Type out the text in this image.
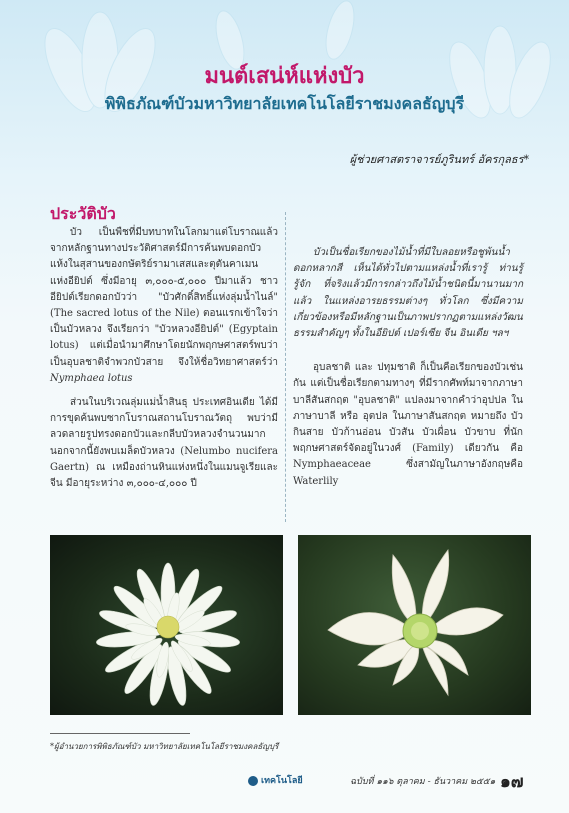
มนต์เสน่ห์แห่งบัว
พิพิธภัณฑ์บัวมหาวิทยาลัยเทคโนโลยีราชมงคลธัญบุรี
ผู้ช่วยศาสตราจารย์ภูรินทร์ อัครกุลธร*
ประวัติบัว

บัว เป็นพืชที่มีบทบาทในโลกมาแต่โบราณแล้ว จากหลักฐานทางประวัติศาสตร์มีการค้นพบดอกบัวแห้งในสุสานของกษัตริย์รามาเสสและตุตันคาเมน แห่งอียิปต์ ซึ่งมีอายุ ๓,๐๐๐-๕,๐๐๐ ปีมาแล้ว ชาวอียิปต์เรียกดอกบัวว่า "บัวศักดิ์สิทธิ์แห่งลุ่มน้ำไนล์" (The sacred lotus of the Nile) ตอนแรกเข้าใจว่าเป็นบัวหลวง จึงเรียกว่า "บัวหลวงอียิปต์" (Egyptain lotus) แต่เมื่อนำมาศึกษาโดยนักพฤกษศาสตร์พบว่าเป็นอุบลชาติจำพวกบัวสาย จึงให้ชื่อวิทยาศาสตร์ว่า Nymphaea lotus

ส่วนในบริเวณลุ่มแม่น้ำสินธุ ประเทศอินเดีย ได้มีการขุดค้นพบซากโบราณสถานโบราณวัตถุ พบว่ามีลวดลายรูปทรงดอกบัวและกลีบบัวหลวงจำนวนมาก นอกจากนี้ยังพบเมล็ดบัวหลวง (Nelumbo nucifera Gaertn) ณ เหมืองถ่านหินแห่งหนึ่งในแมนจูเรียและจีน มีอายุระหว่าง ๓,๐๐๐-๔,๐๐๐ ปี

บัวเป็นชื่อเรียกของไม้น้ำที่มีใบลอยหรือชูพ้นน้ำ ดอกหลากสี เห็นได้ทั่วไปตามแหล่งน้ำที่เรารู้ ท่านรู้ รู้จัก ที่จริงแล้วมีการกล่าวถึงไม้น้ำชนิดนี้มานานมากแล้ว ในแหล่งอารยธรรมต่างๆ ทั่วโลก ซึ่งมีความเกี่ยวข้องหรือมีหลักฐานเป็นภาพปรากฏตามแหล่งวัฒนธรรมสำคัญๆ ทั้งในอียิปต์ เปอร์เซีย จีน อินเดีย ฯลฯ

อุบลชาติ และ ปทุมชาติ ก็เป็นคือเรียกของบัวเช่นกัน แต่เป็นชื่อเรียกตามทางๆ ที่มีรากศัพท์มาจากภาษาบาลีสันสกฤต "อุบลชาติ" แปลงมาจากคำว่าอุปปล ในภาษาบาลี หรือ อุตปล ในภาษาสันสกฤต หมายถึง บัวกินสาย บัวก้านอ่อน บัวสัน บัวเผื่อน บัวขาบ ที่นักพฤกษศาสตร์จัดอยู่ในวงศ์ (Family) เดียวกัน คือ Nymphaeaceae ซึ่งสามัญในภาษาอังกฤษคือ Waterlily

*ผู้อำนวยการพิพิธภัณฑ์บัว มหาวิทยาลัยเทคโนโลยีราชมงคลธัญบุรี
เทคโนโลยี	ฉบับที่ ๑๑๖ ตุลาคม - ธันวาคม ๒๕๕๑ ๑๗
